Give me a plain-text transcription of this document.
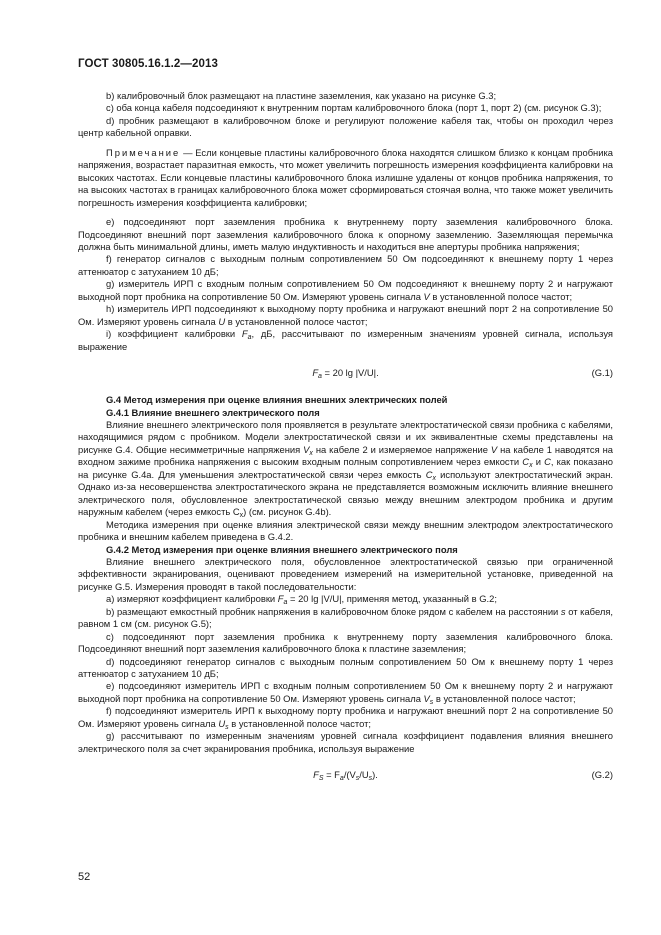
ГОСТ 30805.16.1.2—2013

b) калибровочный блок размещают на пластине заземления, как указано на рисунке G.3;

c) оба конца кабеля подсоединяют к внутренним портам калибровочного блока (порт 1, порт 2) (см. рисунок G.3);

d) пробник размещают в калибровочном блоке и регулируют положение кабеля так, чтобы он проходил через центр кабельной оправки.

Примечание — Если концевые пластины калибровочного блока находятся слишком близко к концам пробника напряжения, возрастает паразитная емкость, что может увеличить погрешность измерения коэффициента калибровки на высоких частотах. Если концевые пластины калибровочного блока излишне удалены от концов пробника напряжения, то на высоких частотах в границах калибровочного блока может сформироваться стоячая волна, что также может увеличить погрешность измерения коэффициента калибровки;

e) подсоединяют порт заземления пробника к внутреннему порту заземления калибровочного блока. Подсоединяют внешний порт заземления калибровочного блока к опорному заземлению. Заземляющая перемычка должна быть минимальной длины, иметь малую индуктивность и находиться вне апертуры пробника напряжения;

f) генератор сигналов с выходным полным сопротивлением 50 Ом подсоединяют к внешнему порту 1 через аттенюатор с затуханием 10 дБ;

g) измеритель ИРП с входным полным сопротивлением 50 Ом подсоединяют к внешнему порту 2 и нагружают выходной порт пробника на сопротивление 50 Ом. Измеряют уровень сигнала V в установленной полосе частот;

h) измеритель ИРП подсоединяют к выходному порту пробника и нагружают внешний порт 2 на сопротивление 50 Ом. Измеряют уровень сигнала U в установленной полосе частот;

i) коэффициент калибровки $F_a$, дБ, рассчитывают по измеренным значениям уровней сигнала, используя выражение

$F_a = 20$ lg |V/U|.	(G.1)
G.4 Метод измерения при оценке влияния внешних электрических полей
G.4.1 Влияние внешнего электрического поля

Влияние внешнего электрического поля проявляется в результате электростатической связи пробника с кабелями, находящимися рядом с пробником. Модели электростатической связи и их эквивалентные схемы представлены на рисунке G.4. Общие несимметричные напряжения $V_x$ на кабеле 2 и измеряемое напряжение V на кабеле 1 наводятся на входном зажиме пробника напряжения с высоким входным полным сопротивлением через емкости $C_x$ и C, как показано на рисунке G.4a. Для уменьшения электростатической связи через емкость $C_x$ используют электростатический экран. Однако из-за несовершенства электростатического экрана не представляется возможным исключить влияние внешнего электрического поля, обусловленное электростатической связью между внешним электродом пробника и другим наружным кабелем (через емкость $C_x$) (см. рисунок G.4b).

Методика измерения при оценке влияния электрической связи между внешним электродом электростатического пробника и внешним кабелем приведена в G.4.2.

G.4.2 Метод измерения при оценке влияния внешнего электрического поля

Влияние внешнего электрического поля, обусловленное электростатической связью при ограниченной эффективности экранирования, оценивают проведением измерений на измерительной установке, приведенной на рисунке G.5. Измерения проводят в такой последовательности:

a) измеряют коэффициент калибровки $F_a = 20$ lg |V/U|, применяя метод, указанный в G.2;

b) размещают емкостный пробник напряжения в калибровочном блоке рядом с кабелем на расстоянии s от кабеля, равном 1 см (см. рисунок G.5);

c) подсоединяют порт заземления пробника к внутреннему порту заземления калибровочного блока. Подсоединяют внешний порт заземления калибровочного блока к пластине заземления;

d) подсоединяют генератор сигналов с выходным полным сопротивлением 50 Ом к внешнему порту 1 через аттенюатор с затуханием 10 дБ;

e) подсоединяют измеритель ИРП с входным полным сопротивлением 50 Ом к внешнему порту 2 и нагружают выходной порт пробника на сопротивление 50 Ом. Измеряют уровень сигнала $V_s$ в установленной полосе частот;

f) подсоединяют измеритель ИРП к выходному порту пробника и нагружают внешний порт 2 на сопротивление 50 Ом. Измеряют уровень сигнала $U_s$ в установленной полосе частот;

g) рассчитывают по измеренным значениям уровней сигнала коэффициент подавления влияния внешнего электрического поля за счет экранирования пробника, используя выражение

$F_S = F_a/(V_s/U_s)$.	(G.2)
52
